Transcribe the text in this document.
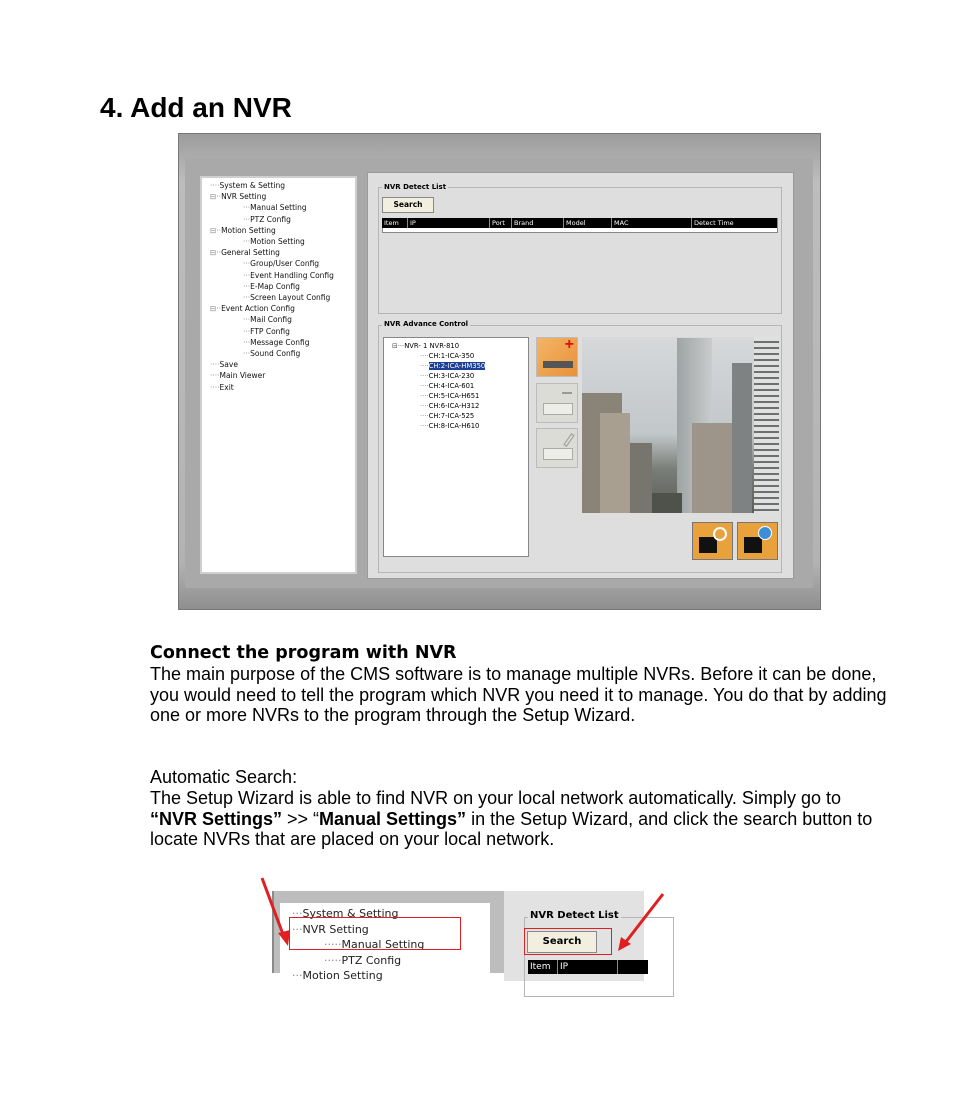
4. Add an NVR
····System & Setting
⊟··NVR Setting
···Manual Setting
···PTZ Config
⊟··Motion Setting
···Motion Setting
⊟··General Setting
···Group/User Config
···Event Handling Config
···E-Map Config
···Screen Layout Config
⊟··Event Action Config
···Mail Config
···FTP Config
···Message Config
···Sound Config
····Save
····Main Viewer
····Exit
NVR Detect List
Search
Item	IP	Port	Brand	Model	MAC	Detect Time
NVR Advance Control
⊟···NVR- 1 NVR-810
····CH:1-ICA-350
····CH:2-ICA-HM350
····CH:3-ICA-230
····CH:4-ICA-601
····CH:5-ICA-H651
····CH:6-ICA-H312
····CH:7-ICA-525
····CH:8-ICA-H610
+
Connect the program with NVR
The main purpose of the CMS software is to manage multiple NVRs. Before it can be done, you would need to tell the program which NVR you need it to manage. You do that by adding one or more NVRs to the program through the Setup Wizard.
Automatic Search:
The Setup Wizard is able to find NVR on your local network automatically. Simply go to “NVR Settings” >> “Manual Settings” in the Setup Wizard, and click the search button to locate NVRs that are placed on your local network.
···System & Setting
···NVR Setting
·····Manual Setting
·····PTZ Config
···Motion Setting
NVR Detect List
Search
Item	IP
